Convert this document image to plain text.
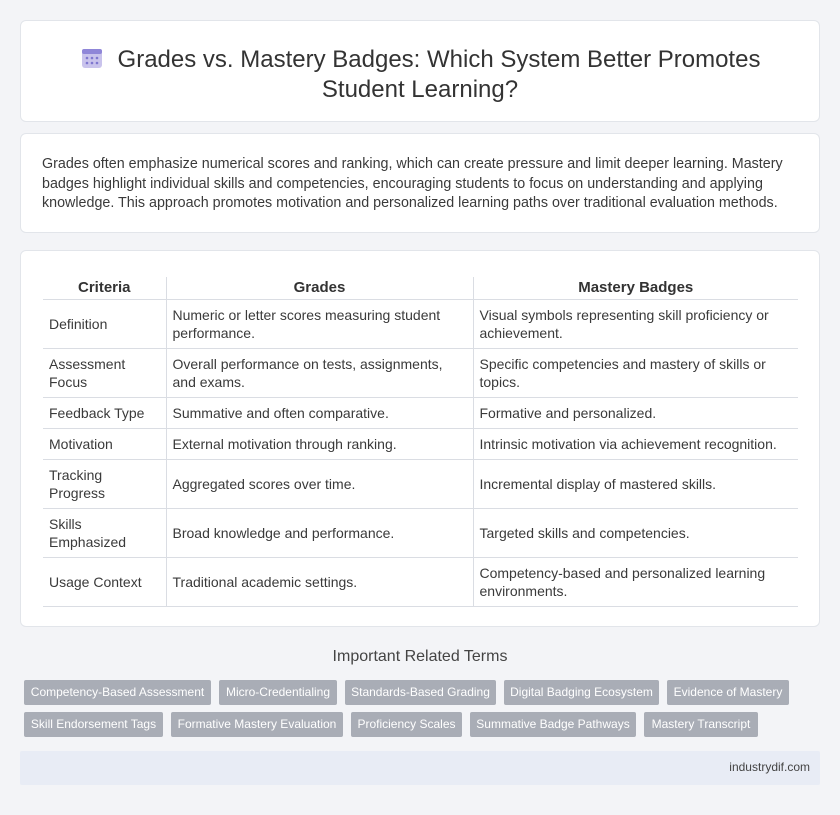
Grades vs. Mastery Badges: Which System Better Promotes
Student Learning?

Grades often emphasize numerical scores and ranking, which can create pressure and limit deeper learning. Mastery badges highlight individual skills and competencies, encouraging students to focus on understanding and applying knowledge. This approach promotes motivation and personalized learning paths over traditional evaluation methods.

Criteria	Grades	Mastery Badges
Definition	Numeric or letter scores measuring student performance.	Visual symbols representing skill proficiency or achievement.
Assessment Focus	Overall performance on tests, assignments, and exams.	Specific competencies and mastery of skills or topics.
Feedback Type	Summative and often comparative.	Formative and personalized.
Motivation	External motivation through ranking.	Intrinsic motivation via achievement recognition.
Tracking Progress	Aggregated scores over time.	Incremental display of mastered skills.
Skills Emphasized	Broad knowledge and performance.	Targeted skills and competencies.
Usage Context	Traditional academic settings.	Competency-based and personalized learning environments.
Important Related Terms
Competency-Based Assessment	Micro-Credentialing	Standards-Based Grading	Digital Badging Ecosystem	Evidence of Mastery
Skill Endorsement Tags	Formative Mastery Evaluation	Proficiency Scales	Summative Badge Pathways	Mastery Transcript
industrydif.com
